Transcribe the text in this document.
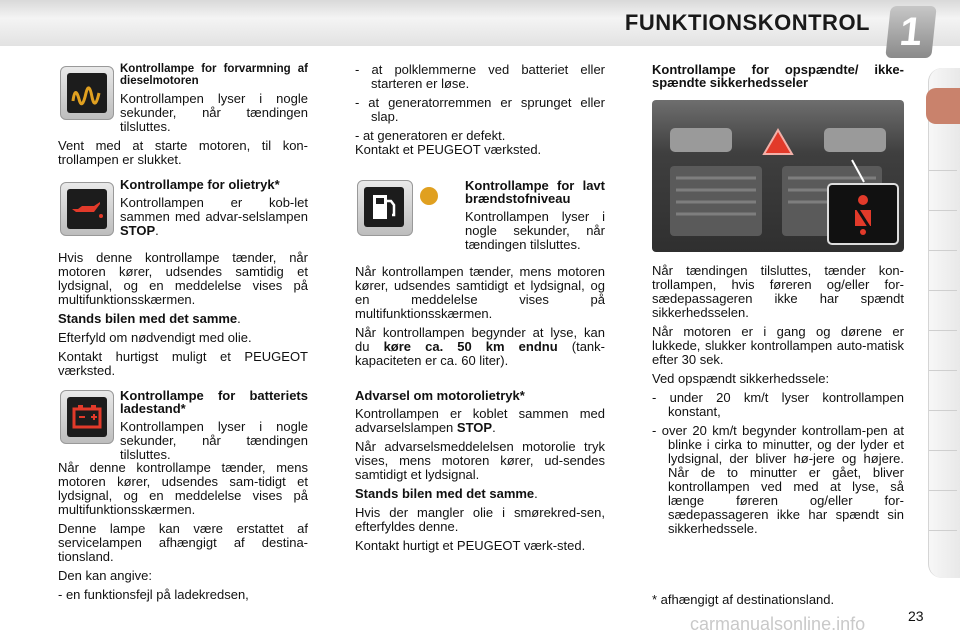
FUNKTIONSKONTROL 1

Kontrollampe for forvarmning af dieselmotoren

Kontrollampen lyser i nogle sekunder, når tændingen tilsluttes.

Vent med at starte motoren, til kon-trollampen er slukket.

Kontrollampe for olietryk*

Kontrollampen er kob-let sammen med advar-selslampen STOP.

Hvis denne kontrollampe tænder, når motoren kører, udsendes samtidig et lydsignal, og en meddelelse vises på multifunktionsskærmen.

Stands bilen med det samme.

Efterfyld om nødvendigt med olie.

Kontakt hurtigst muligt et PEUGEOT værksted.

Kontrollampe for batteriets ladestand*

Kontrollampen lyser i nogle sekunder, når tændingen tilsluttes.

Når denne kontrollampe tænder, mens motoren kører, udsendes sam-tidigt et lydsignal, og en meddelelse vises på multifunktionsskærmen.

Denne lampe kan være erstattet af servicelampen afhængigt af destina-tionsland.

Den kan angive:

- en funktionsfejl på ladekredsen,

- at polklemmerne ved batteriet eller starteren er løse.

- at generatorremmen er sprunget eller slap.

- at generatoren er defekt.

Kontakt et PEUGEOT værksted.

Kontrollampe for lavt brændstofniveau

Kontrollampen lyser i nogle sekunder, når tændingen tilsluttes.

Når kontrollampen tænder, mens motoren kører, udsendes samtidigt et lydsignal, og en meddelelse vises på multifunktionsskærmen.

Når kontrollampen begynder at lyse, kan du køre ca. 50 km endnu (tank-kapaciteten er ca. 60 liter).

Advarsel om motorolietryk*

Kontrollampen er koblet sammen med advarselslampen STOP.

Når advarselsmeddelelsen motorolie tryk vises, mens motoren kører, ud-sendes samtidigt et lydsignal.

Stands bilen med det samme.

Hvis der mangler olie i smørekred-sen, efterfyldes denne.

Kontakt hurtigt et PEUGEOT værk-sted.

Kontrollampe for opspændte/ ikke-spændte sikkerhedsseler

Når tændingen tilsluttes, tænder kon-trollampen, hvis føreren og/eller for-sædepassageren ikke har spændt sikkerhedsselen.

Når motoren er i gang og dørene er lukkede, slukker kontrollampen auto-matisk efter 30 sek.

Ved opspændt sikkerhedssele:

- under 20 km/t lyser kontrollampen konstant,

- over 20 km/t begynder kontrollam-pen at blinke i cirka to minutter, og der lyder et lydsignal, der bliver hø-jere og højere. Når de to minutter er gået, bliver kontrollampen ved med at lyse, så længe føreren og/eller for-sædepassageren ikke har spændt sin sikkerhedssele.

* afhængigt af destinationsland.

carmanualsonline.info	23
